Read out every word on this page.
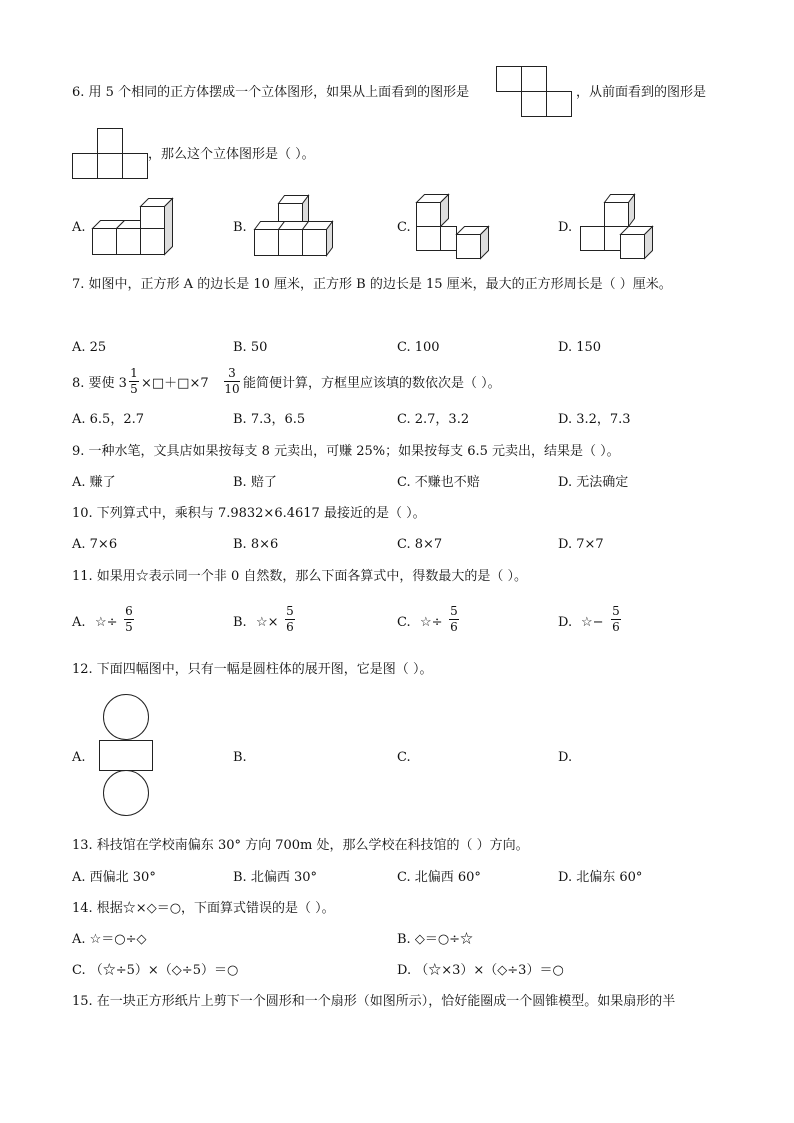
6. 用 5 个相同的正方体摆成一个立体图形，如果从上面看到的图形是	，从前面看到的图形是
，那么这个立体图形是（ ）。
A.	B.	C.	D.
7. 如图中，正方形 A 的边长是 10 厘米，正方形 B 的边长是 15 厘米，最大的正方形周长是（ ）厘米。
A. 25	B. 50	C. 100	D. 150
8. 要使 3
1
5 ×□＋□×7
3
10 能简便计算，方框里应该填的数依次是（ ）。
A. 6.5，2.7	B. 7.3，6.5	C. 2.7，3.2	D. 3.2，7.3
9. 一种水笔，文具店如果按每支 8 元卖出，可赚 25%；如果按每支 6.5 元卖出，结果是（ ）。
A. 赚了	B. 赔了	C. 不赚也不赔	D. 无法确定
10. 下列算式中，乘积与 7.9832×6.4617 最接近的是（ ）。
A. 7×6	B. 8×6	C. 8×7	D. 7×7
11. 如果用☆表示同一个非 0 自然数，那么下面各算式中，得数最大的是（ ）。
A. ☆÷
6
5	B. ☆×
5
6	C. ☆÷
5
6	D. ☆−
5
6
12. 下面四幅图中，只有一幅是圆柱体的展开图，它是图（ ）。
A.	B.	C.	D.
13. 科技馆在学校南偏东 30° 方向 700m 处，那么学校在科技馆的（ ）方向。
A. 西偏北 30°	B. 北偏西 30°	C. 北偏西 60°	D. 北偏东 60°
14. 根据☆×◇＝○，下面算式错误的是（ ）。
A. ☆＝○÷◇	B. ◇＝○÷☆
C. （☆÷5）×（◇÷5）＝○	D. （☆×3）×（◇÷3）＝○
15. 在一块正方形纸片上剪下一个圆形和一个扇形（如图所示），恰好能圈成一个圆锥模型。如果扇形的半
